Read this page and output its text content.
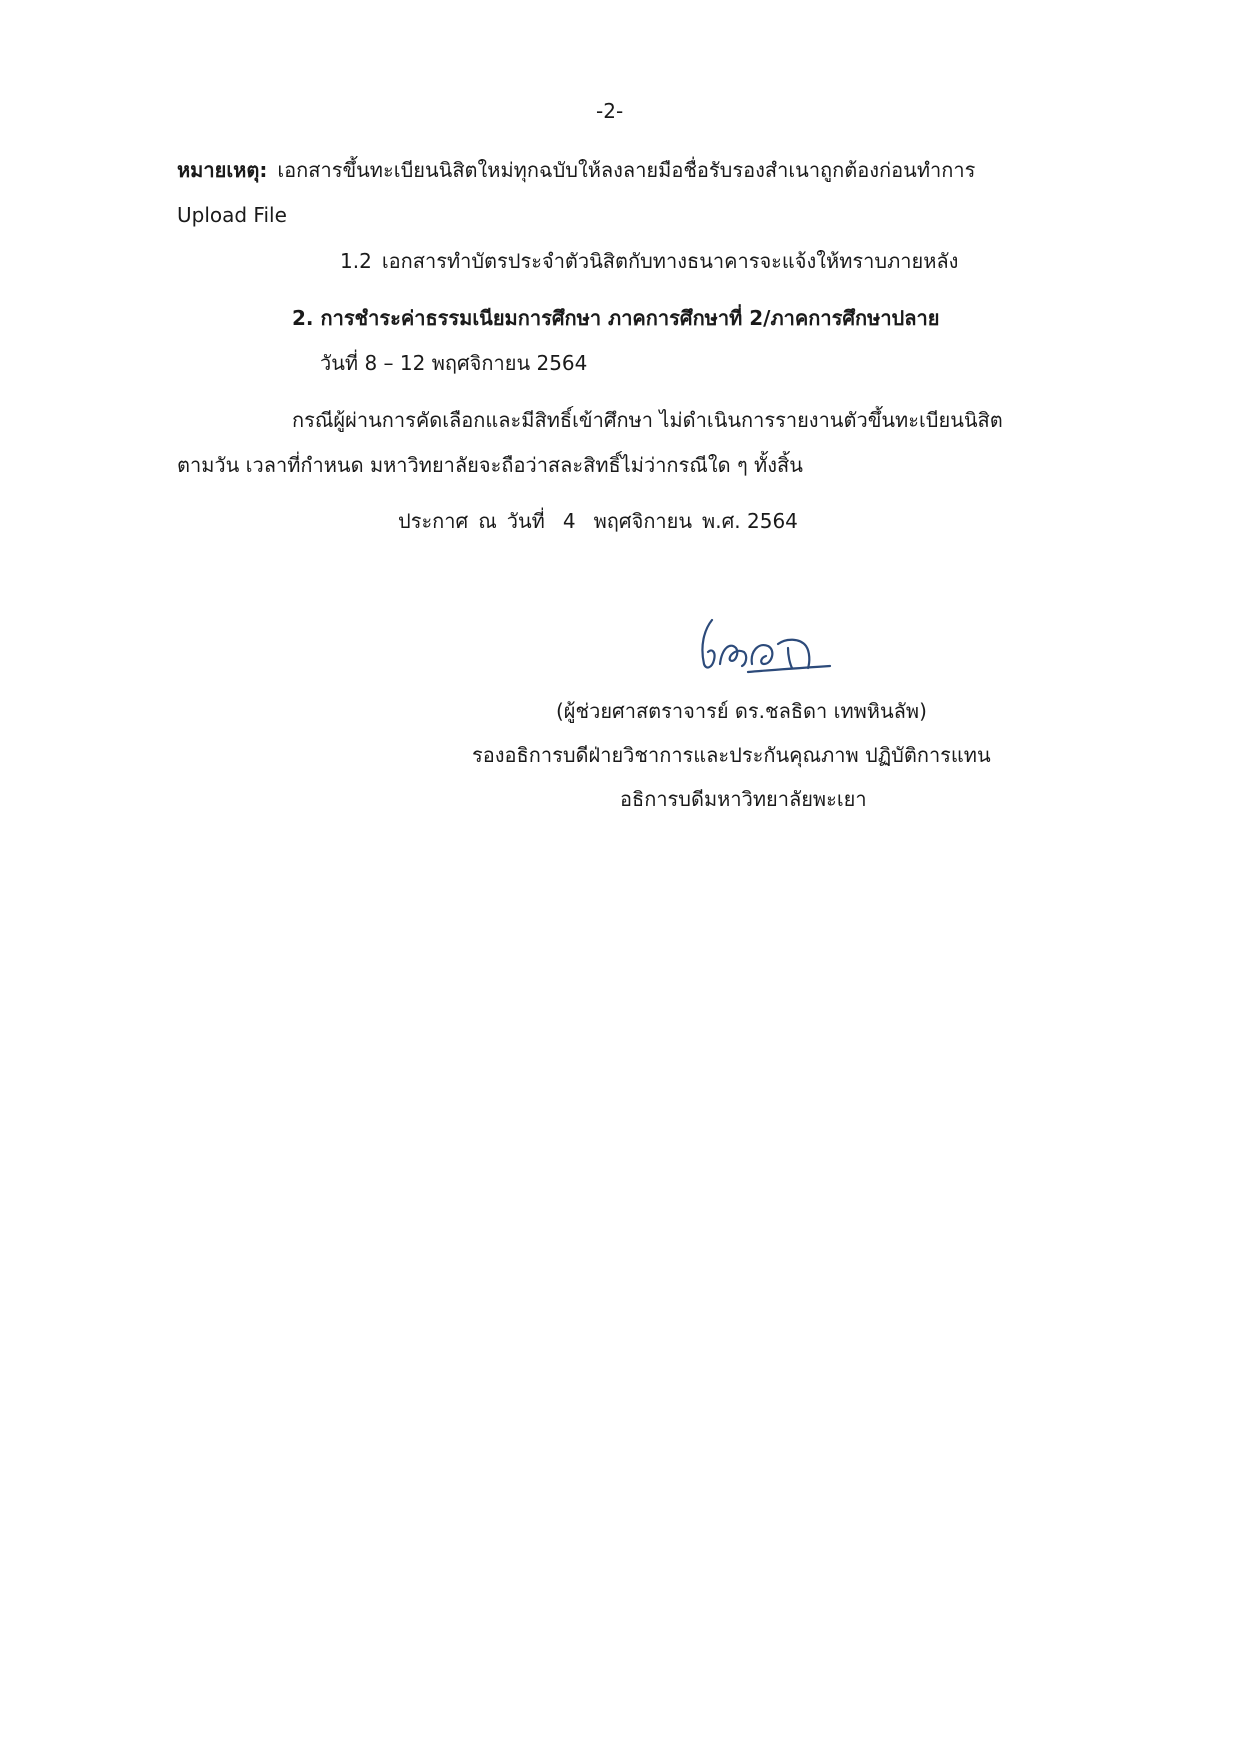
-2-
หมายเหตุ: เอกสารขึ้นทะเบียนนิสิตใหม่ทุกฉบับให้ลงลายมือชื่อรับรองสำเนาถูกต้องก่อนทำการ
Upload File
1.2 เอกสารทำบัตรประจำตัวนิสิตกับทางธนาคารจะแจ้งให้ทราบภายหลัง
2. การชำระค่าธรรมเนียมการศึกษา ภาคการศึกษาที่ 2/ภาคการศึกษาปลาย
วันที่ 8 – 12 พฤศจิกายน 2564
กรณีผู้ผ่านการคัดเลือกและมีสิทธิ์เข้าศึกษา ไม่ดำเนินการรายงานตัวขึ้นทะเบียนนิสิต
ตามวัน เวลาที่กำหนด มหาวิทยาลัยจะถือว่าสละสิทธิ์ไม่ว่ากรณีใด ๆ ทั้งสิ้น
ประกาศ ณ วันที่ 4 พฤศจิกายน พ.ศ. 2564
(ผู้ช่วยศาสตราจารย์ ดร.ชลธิดา เทพหินลัพ)
รองอธิการบดีฝ่ายวิชาการและประกันคุณภาพ ปฏิบัติการแทน
อธิการบดีมหาวิทยาลัยพะเยา
